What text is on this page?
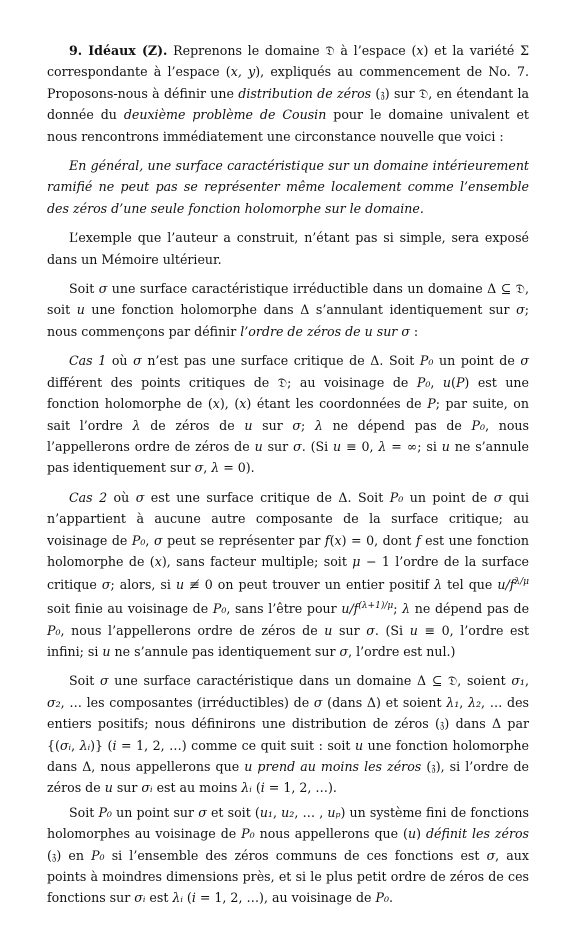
9. Idéaux (Z). Reprenons le domaine 𝔇 à l’espace (x) et la variété Σ correspondante à l’espace (x, y), expliqués au commencement de No. 7. Proposons-nous à définir une distribution de zéros (𝔷) sur 𝔇, en étendant la donnée du deuxième problème de Cousin pour le domaine univalent et nous rencontrons immédiatement une circonstance nouvelle que voici :

En général, une surface caractéristique sur un domaine intérieurement ramifié ne peut pas se représenter même localement comme l’ensemble des zéros d’une seule fonction holomorphe sur le domaine.

L’exemple que l’auteur a construit, n’étant pas si simple, sera exposé dans un Mémoire ultérieur.

Soit σ une surface caractéristique irréductible dans un domaine Δ ⊆ 𝔇, soit u une fonction holomorphe dans Δ s’annulant identiquement sur σ; nous commençons par définir l’ordre de zéros de u sur σ :

Cas 1 où σ n’est pas une surface critique de Δ. Soit P₀ un point de σ différent des points critiques de 𝔇; au voisinage de P₀, u(P) est une fonction holomorphe de (x), (x) étant les coordonnées de P; par suite, on sait l’ordre λ de zéros de u sur σ; λ ne dépend pas de P₀, nous l’appellerons ordre de zéros de u sur σ. (Si u ≡ 0, λ = ∞; si u ne s’annule pas identiquement sur σ, λ = 0).

Cas 2 où σ est une surface critique de Δ. Soit P₀ un point de σ qui n’appartient à aucune autre composante de la surface critique; au voisinage de P₀, σ peut se représenter par f(x) = 0, dont f est une fonction holomorphe de (x), sans facteur multiple; soit μ − 1 l’ordre de la surface critique σ; alors, si u ≢ 0 on peut trouver un entier positif λ tel que $u/f^{\lambda/\mu}$ soit finie au voisinage de P₀, sans l’être pour $u/f^{(\lambda+1)/\mu}$; λ ne dépend pas de P₀, nous l’appellerons ordre de zéros de u sur σ. (Si u ≡ 0, l’ordre est infini; si u ne s’annule pas identiquement sur σ, l’ordre est nul.)

Soit σ une surface caractéristique dans un domaine Δ ⊆ 𝔇, soient σ₁, σ₂, … les composantes (irréductibles) de σ (dans Δ) et soient λ₁, λ₂, … des entiers positifs; nous définirons une distribution de zéros (𝔷) dans Δ par {(σᵢ, λᵢ)} (i = 1, 2, …) comme ce quit suit : soit u une fonction holomorphe dans Δ, nous appellerons que u prend au moins les zéros (𝔷), si l’ordre de zéros de u sur σᵢ est au moins λᵢ (i = 1, 2, …).

Soit P₀ un point sur σ et soit (u₁, u₂, … , uₚ) un système fini de fonctions holomorphes au voisinage de P₀ nous appellerons que (u) définit les zéros (𝔷) en P₀ si l’ensemble des zéros communs de ces fonctions est σ, aux points à moindres dimensions près, et si le plus petit ordre de zéros de ces fonctions sur σᵢ est λᵢ (i = 1, 2, …), au voisinage de P₀.
